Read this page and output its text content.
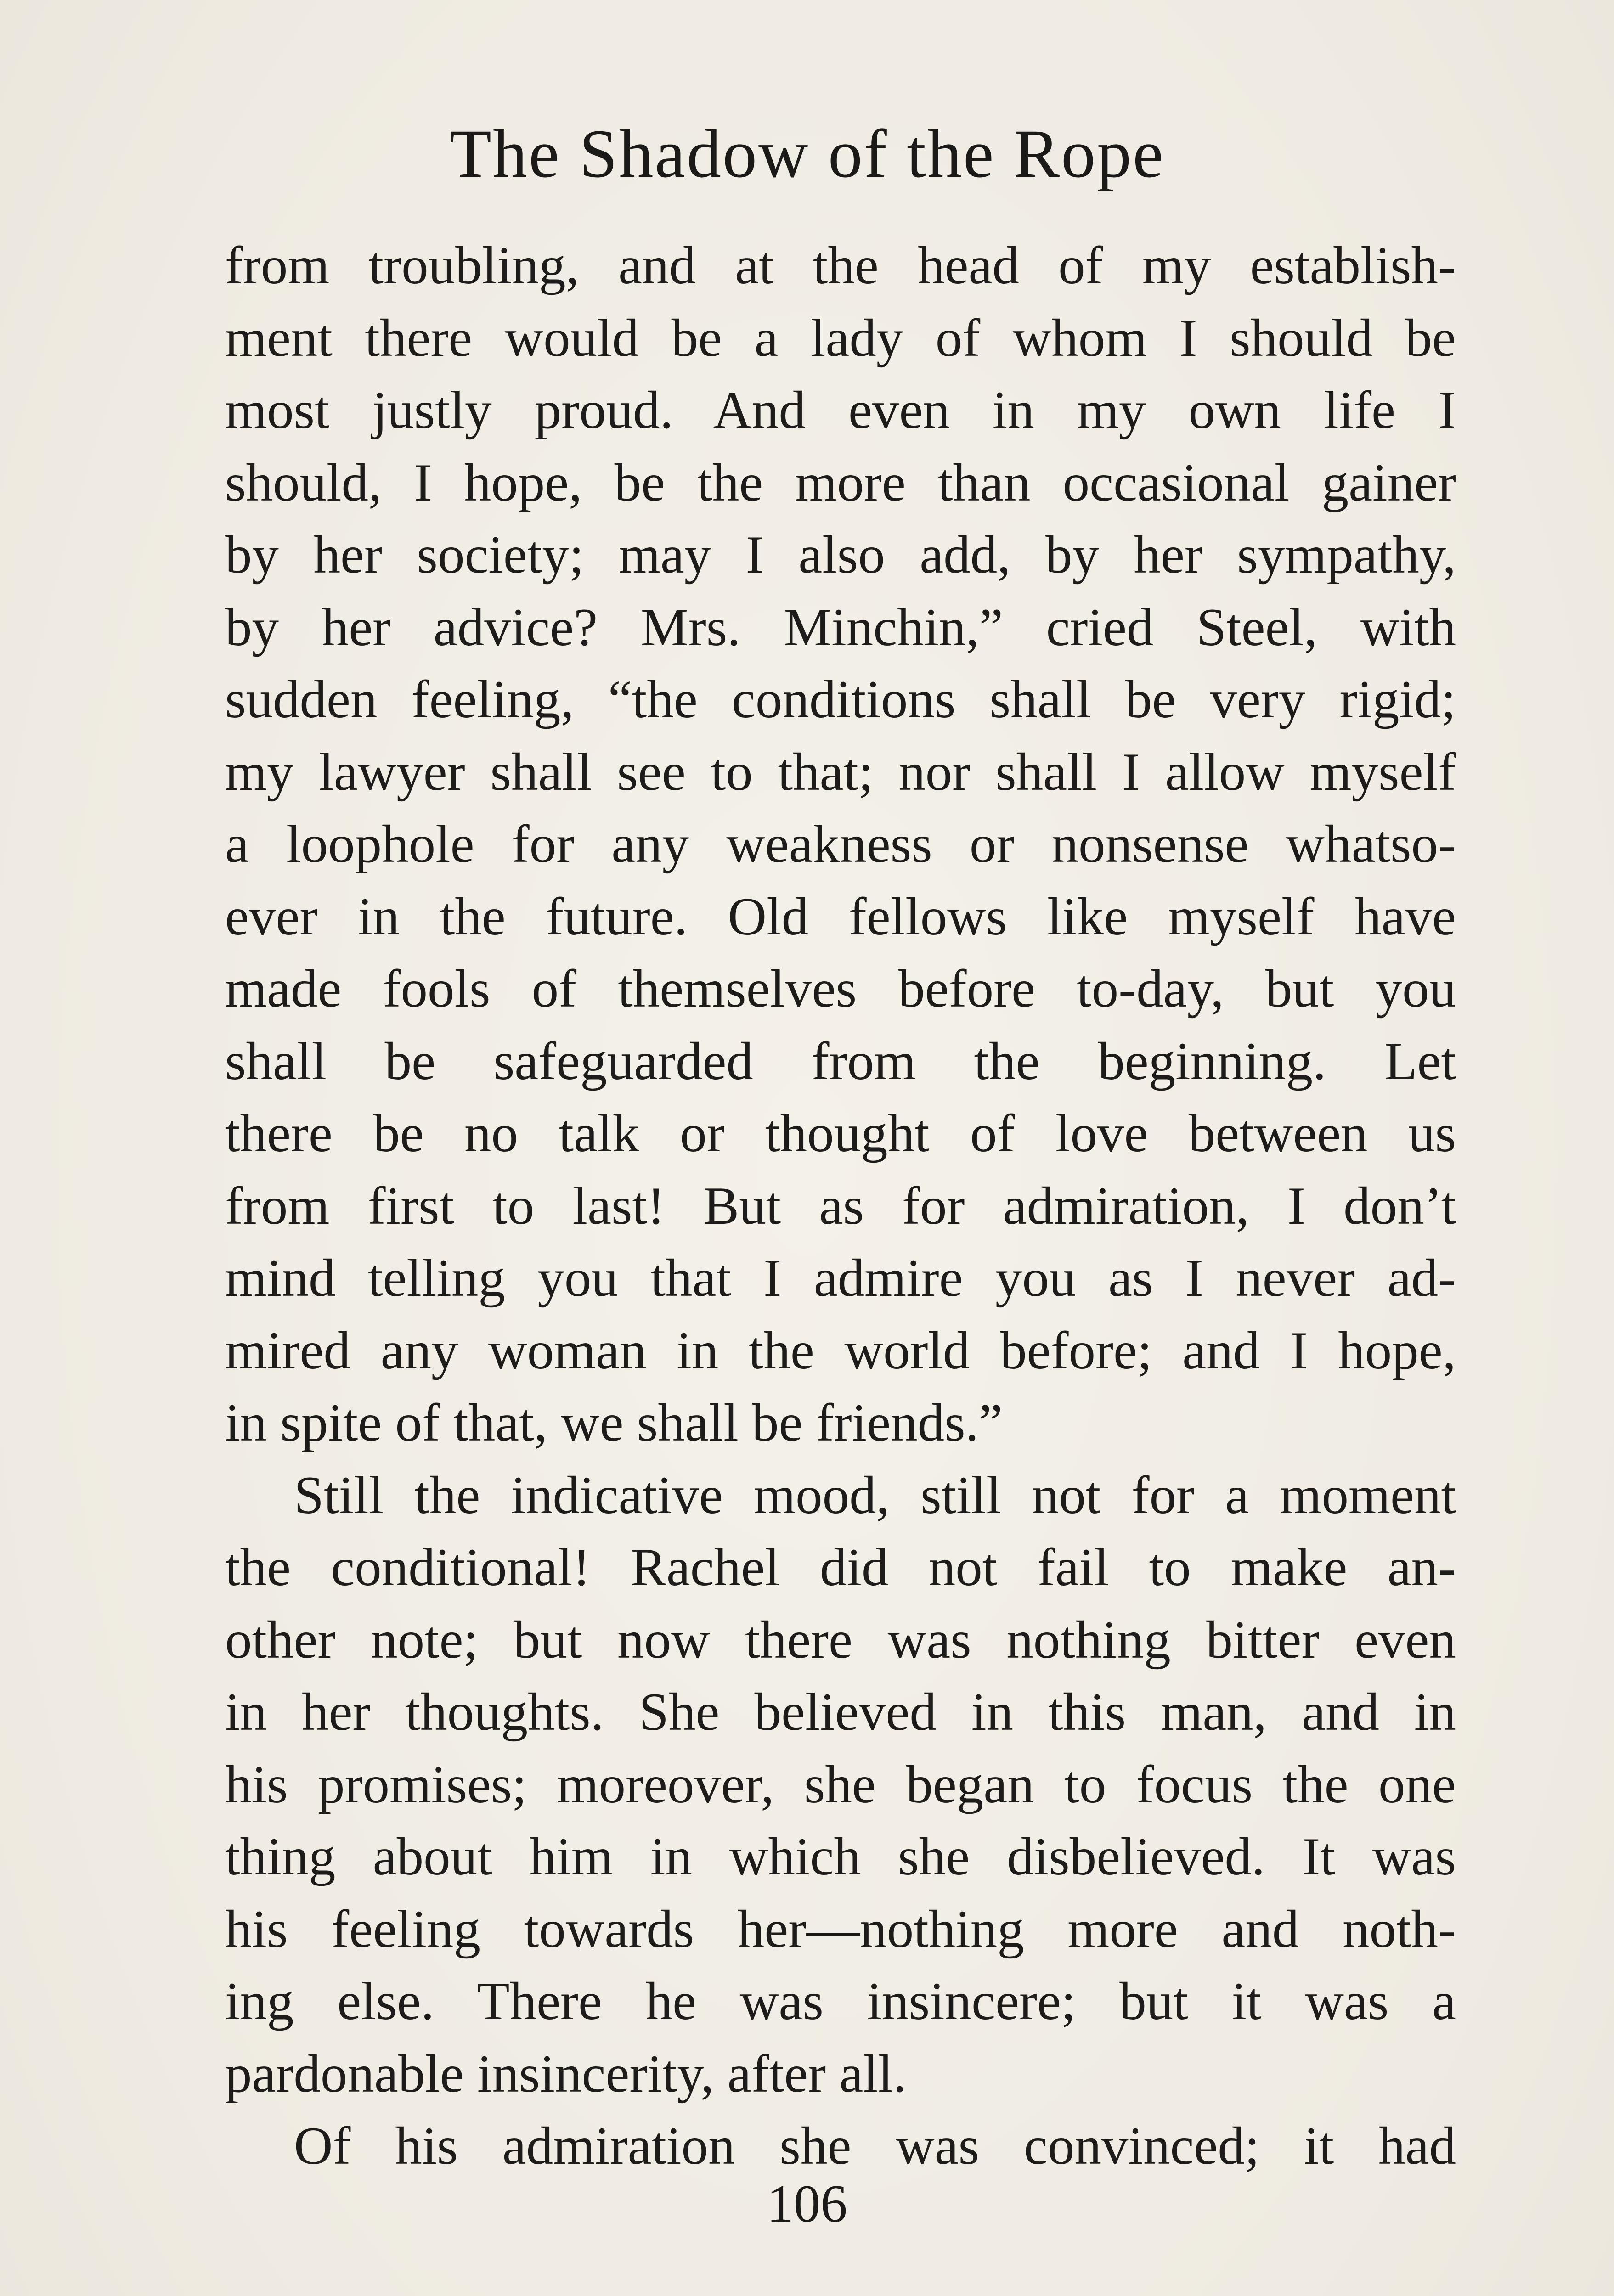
The Shadow of the Rope

from troubling, and at the head of my establish-
ment there would be a lady of whom I should be
most justly proud. And even in my own life I
should, I hope, be the more than occasional gainer
by her society; may I also add, by her sympathy,
by her advice? Mrs. Minchin,” cried Steel, with
sudden feeling, “the conditions shall be very rigid;
my lawyer shall see to that; nor shall I allow myself
a loophole for any weakness or nonsense whatso-
ever in the future. Old fellows like myself have
made fools of themselves before to-day, but you
shall be safeguarded from the beginning. Let
there be no talk or thought of love between us
from first to last! But as for admiration, I don’t
mind telling you that I admire you as I never ad-
mired any woman in the world before; and I hope,
in spite of that, we shall be friends.”

Still the indicative mood, still not for a moment
the conditional! Rachel did not fail to make an-
other note; but now there was nothing bitter even
in her thoughts. She believed in this man, and in
his promises; moreover, she began to focus the one
thing about him in which she disbelieved. It was
his feeling towards her—nothing more and noth-
ing else. There he was insincere; but it was a
pardonable insincerity, after all.

Of his admiration she was convinced; it had

106
